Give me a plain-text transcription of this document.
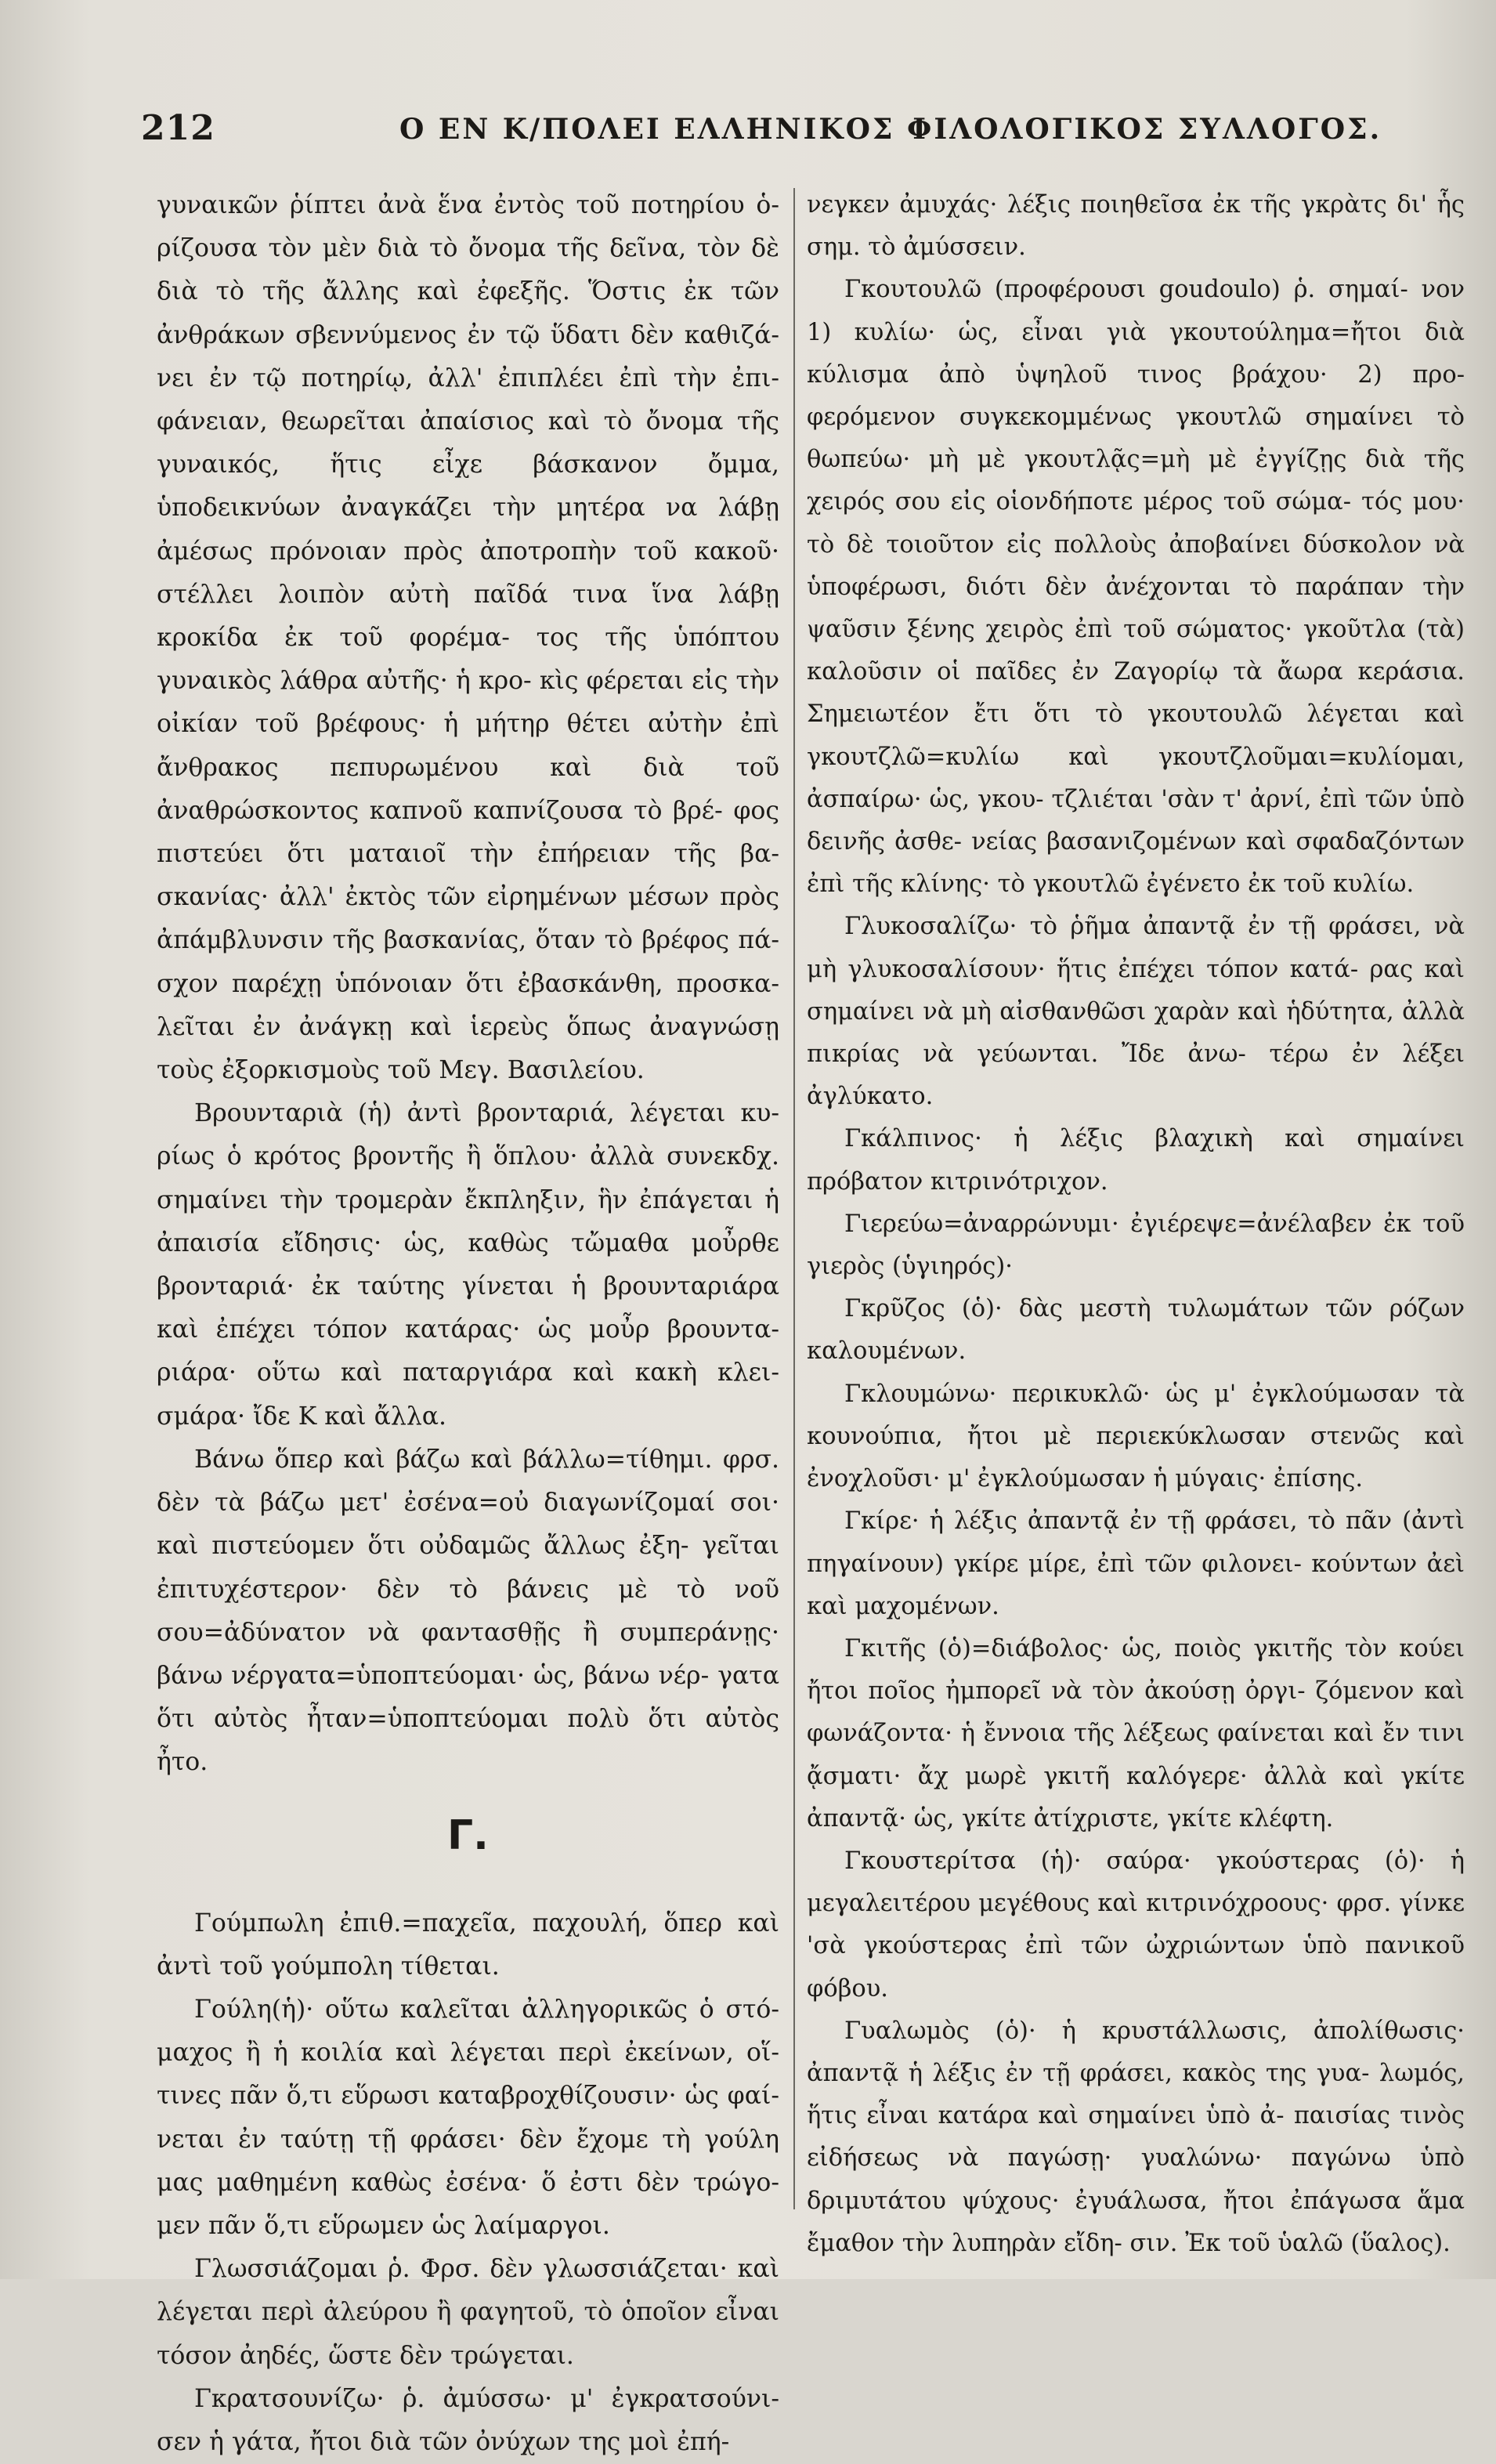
212	Ο ΕΝ Κ/ΠΟΛΕΙ ΕΛΛΗΝΙΚΟΣ ΦΙΛΟΛΟΓΙΚΟΣ ΣΥΛΛΟΓΟΣ.

γυναικῶν ῥίπτει ἀνὰ ἕνα ἐντὸς τοῦ ποτηρίου ὁ- ρίζουσα τὸν μὲν διὰ τὸ ὄνομα τῆς δεῖνα, τὸν δὲ διὰ τὸ τῆς ἄλλης καὶ ἐφεξῆς. Ὅστις ἐκ τῶν ἀνθράκων σβεννύμενος ἐν τῷ ὕδατι δὲν καθιζά- νει ἐν τῷ ποτηρίῳ, ἀλλ' ἐπιπλέει ἐπὶ τὴν ἐπι- φάνειαν, θεωρεῖται ἀπαίσιος καὶ τὸ ὄνομα τῆς γυναικός, ἥτις εἶχε βάσκανον ὄμμα, ὑποδεικνύων ἀναγκάζει τὴν μητέρα να λάβῃ ἀμέσως πρόνοιαν πρὸς ἀποτροπὴν τοῦ κακοῦ· στέλλει λοιπὸν αὐτὴ παῖδά τινα ἵνα λάβῃ κροκίδα ἐκ τοῦ φορέμα- τος τῆς ὑπόπτου γυναικὸς λάθρα αὐτῆς· ἡ κρο- κὶς φέρεται εἰς τὴν οἰκίαν τοῦ βρέφους· ἡ μήτηρ θέτει αὐτὴν ἐπὶ ἄνθρακος πεπυρωμένου καὶ διὰ τοῦ ἀναθρώσκοντος καπνοῦ καπνίζουσα τὸ βρέ- φος πιστεύει ὅτι ματαιοῖ τὴν ἐπήρειαν τῆς βα- σκανίας· ἀλλ' ἐκτὸς τῶν εἰρημένων μέσων πρὸς ἀπάμβλυνσιν τῆς βασκανίας, ὅταν τὸ βρέφος πά- σχον παρέχῃ ὑπόνοιαν ὅτι ἐβασκάνθη, προσκα- λεῖται ἐν ἀνάγκῃ καὶ ἱερεὺς ὅπως ἀναγνώσῃ τοὺς ἐξορκισμοὺς τοῦ Μεγ. Βασιλείου.

Βρουνταριὰ (ἡ) ἀντὶ βρονταριά, λέγεται κυ- ρίως ὁ κρότος βροντῆς ἢ ὅπλου· ἀλλὰ συνεκδχ. σημαίνει τὴν τρομερὰν ἔκπληξιν, ἣν ἐπάγεται ἡ ἀπαισία εἴδησις· ὡς, καθὼς τὤμαθα μοὖρθε βρονταριά· ἐκ ταύτης γίνεται ἡ βρουνταριάρα καὶ ἐπέχει τόπον κατάρας· ὡς μοὖρ βρουντα- ριάρα· οὕτω καὶ παταργιάρα καὶ κακὴ κλει- σμάρα· ἴδε Κ καὶ ἄλλα.

Βάνω ὅπερ καὶ βάζω καὶ βάλλω=τίθημι. φρσ. δὲν τὰ βάζω μετ' ἐσένα=οὐ διαγωνίζομαί σοι· καὶ πιστεύομεν ὅτι οὐδαμῶς ἄλλως ἐξη- γεῖται ἐπιτυχέστερον· δὲν τὸ βάνεις μὲ τὸ νοῦ σου=ἀδύνατον νὰ φαντασθῇς ἢ συμπεράνῃς· βάνω νέργατα=ὑποπτεύομαι· ὡς, βάνω νέρ- γατα ὅτι αὐτὸς ἦταν=ὑποπτεύομαι πολὺ ὅτι αὐτὸς ἦτο.

Γ.

Γούμπωλη ἐπιθ.=παχεῖα, παχουλή, ὅπερ καὶ ἀντὶ τοῦ γούμπολη τίθεται.

Γούλη(ἡ)· οὕτω καλεῖται ἀλληγορικῶς ὁ στό- μαχος ἢ ἡ κοιλία καὶ λέγεται περὶ ἐκείνων, οἵ- τινες πᾶν ὅ,τι εὕρωσι καταβροχθίζουσιν· ὡς φαί- νεται ἐν ταύτῃ τῇ φράσει· δὲν ἔχομε τὴ γούλη μας μαθημένη καθὼς ἐσένα· ὅ ἐστι δὲν τρώγο- μεν πᾶν ὅ,τι εὕρωμεν ὡς λαίμαργοι.

Γλωσσιάζομαι ῥ. Φρσ. δὲν γλωσσιάζεται· καὶ λέγεται περὶ ἀλεύρου ἢ φαγητοῦ, τὸ ὁποῖον εἶναι τόσον ἀηδές, ὥστε δὲν τρώγεται.

Γκρατσουνίζω· ῥ. ἀμύσσω· μ' ἐγκρατσούνι- σεν ἡ γάτα, ἤτοι διὰ τῶν ὀνύχων της μοὶ ἐπή-

νεγκεν ἀμυχάς· λέξις ποιηθεῖσα ἐκ τῆς γκρὰτς δι' ἧς σημ. τὸ ἀμύσσειν.

Γκουτουλῶ (προφέρουσι goudoulo) ῥ. σημαί- νον 1) κυλίω· ὡς, εἶναι γιὰ γκουτούλημα=ἤτοι διὰ κύλισμα ἀπὸ ὑψηλοῦ τινος βράχου· 2) προ- φερόμενον συγκεκομμένως γκουτλῶ σημαίνει τὸ θωπεύω· μὴ μὲ γκουτλᾷς=μὴ μὲ ἐγγίζῃς διὰ τῆς χειρός σου εἰς οἱονδήποτε μέρος τοῦ σώμα- τός μου· τὸ δὲ τοιοῦτον εἰς πολλοὺς ἀποβαίνει δύσκολον νὰ ὑποφέρωσι, διότι δὲν ἀνέχονται τὸ παράπαν τὴν ψαῦσιν ξένης χειρὸς ἐπὶ τοῦ σώματος· γκοῦτλα (τὰ) καλοῦσιν οἱ παῖδες ἐν Ζαγορίῳ τὰ ἄωρα κεράσια. Σημειωτέον ἔτι ὅτι τὸ γκουτουλῶ λέγεται καὶ γκουτζλῶ=κυλίω καὶ γκουτζλοῦμαι=κυλίομαι, ἀσπαίρω· ὡς, γκου- τζλιέται 'σὰν τ' ἀρνί, ἐπὶ τῶν ὑπὸ δεινῆς ἀσθε- νείας βασανιζομένων καὶ σφαδαζόντων ἐπὶ τῆς κλίνης· τὸ γκουτλῶ ἐγένετο ἐκ τοῦ κυλίω.

Γλυκοσαλίζω· τὸ ῥῆμα ἀπαντᾷ ἐν τῇ φράσει, νὰ μὴ γλυκοσαλίσουν· ἥτις ἐπέχει τόπον κατά- ρας καὶ σημαίνει νὰ μὴ αἰσθανθῶσι χαρὰν καὶ ἡδύτητα, ἀλλὰ πικρίας νὰ γεύωνται. Ἴδε ἀνω- τέρω ἐν λέξει ἀγλύκατο.

Γκάλπινος· ἡ λέξις βλαχικὴ καὶ σημαίνει πρόβατον κιτρινότριχον.

Γιερεύω=ἀναρρώνυμι· ἐγιέρεψε=ἀνέλαβεν ἐκ τοῦ γιερὸς (ὑγιηρός)·

Γκρῦζος (ὁ)· δὰς μεστὴ τυλωμάτων τῶν ρόζων καλουμένων.

Γκλουμώνω· περικυκλῶ· ὡς μ' ἐγκλούμωσαν τὰ κουνούπια, ἤτοι μὲ περιεκύκλωσαν στενῶς καὶ ἐνοχλοῦσι· μ' ἐγκλούμωσαν ἡ μύγαις· ἐπίσης.

Γκίρε· ἡ λέξις ἀπαντᾷ ἐν τῇ φράσει, τὸ πᾶν (ἀντὶ πηγαίνουν) γκίρε μίρε, ἐπὶ τῶν φιλονει- κούντων ἀεὶ καὶ μαχομένων.

Γκιτῆς (ὁ)=διάβολος· ὡς, ποιὸς γκιτῆς τὸν κούει ἤτοι ποῖος ἠμπορεῖ νὰ τὸν ἀκούσῃ ὀργι- ζόμενον καὶ φωνάζοντα· ἡ ἔννοια τῆς λέξεως φαίνεται καὶ ἔν τινι ᾄσματι· ἄχ μωρὲ γκιτῆ καλόγερε· ἀλλὰ καὶ γκίτε ἀπαντᾷ· ὡς, γκίτε ἀτίχριστε, γκίτε κλέφτη.

Γκουστερίτσα (ἡ)· σαύρα· γκούστερας (ὁ)· ἡ μεγαλειτέρου μεγέθους καὶ κιτρινόχροους· φρσ. γίνκε 'σὰ γκούστερας ἐπὶ τῶν ὠχριώντων ὑπὸ πανικοῦ φόβου.

Γυαλωμὸς (ὁ)· ἡ κρυστάλλωσις, ἀπολίθωσις· ἀπαντᾷ ἡ λέξις ἐν τῇ φράσει, κακὸς της γυα- λωμός, ἥτις εἶναι κατάρα καὶ σημαίνει ὑπὸ ἀ- παισίας τινὸς εἰδήσεως νὰ παγώσῃ· γυαλώνω· παγώνω ὑπὸ δριμυτάτου ψύχους· ἐγυάλωσα, ἤτοι ἐπάγωσα ἅμα ἔμαθον τὴν λυπηρὰν εἴδη- σιν. Ἐκ τοῦ ὑαλῶ (ὕαλος).
